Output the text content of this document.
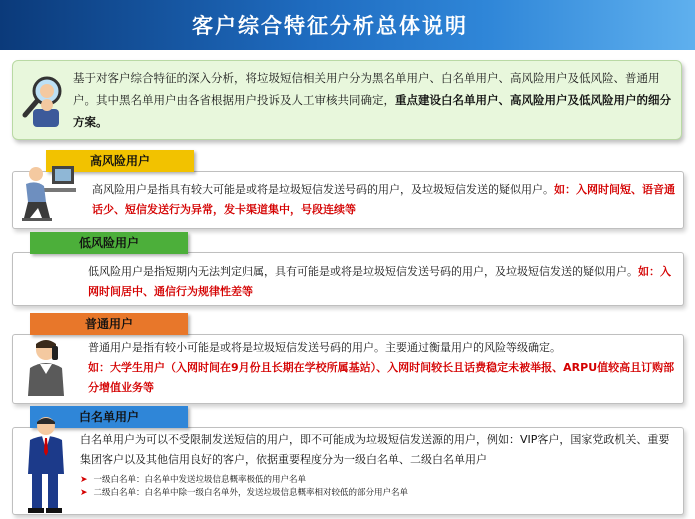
客户综合特征分析总体说明
基于对客户综合特征的深入分析，将垃圾短信相关用户分为黑名单用户、白名单用户、高风险用户及低风险、普通用户。其中黑名单用户由各省根据用户投诉及人工审核共同确定，重点建设白名单用户、高风险用户及低风险用户的细分方案。
高风险用户
高风险用户是指具有较大可能是或将是垃圾短信发送号码的用户，及垃圾短信发送的疑似用户。如：入网时间短、语音通话少、短信发送行为异常，发卡渠道集中，号段连续等
低风险用户
低风险用户是指短期内无法判定归属，具有可能是或将是垃圾短信发送号码的用户，及垃圾短信发送的疑似用户。如：入网时间居中、通信行为规律性差等
普通用户
普通用户是指有较小可能是或将是垃圾短信发送号码的用户。主要通过衡量用户的风险等级确定。
如：大学生用户（入网时间在9月份且长期在学校所属基站）、入网时间较长且话费稳定未被举报、ARPU值较高且订购部分增值业务等
白名单用户
白名单用户为可以不受限制发送短信的用户，即不可能成为垃圾短信发送源的用户，例如：VIP客户，国家党政机关、重要集团客户以及其他信用良好的客户，依据重要程度分为一级白名单、二级白名单用户
➤ 一级白名单：白名单中发送垃圾信息概率极低的用户名单
➤ 二级白名单：白名单中除一级白名单外，发送垃圾信息概率相对较低的部分用户名单
